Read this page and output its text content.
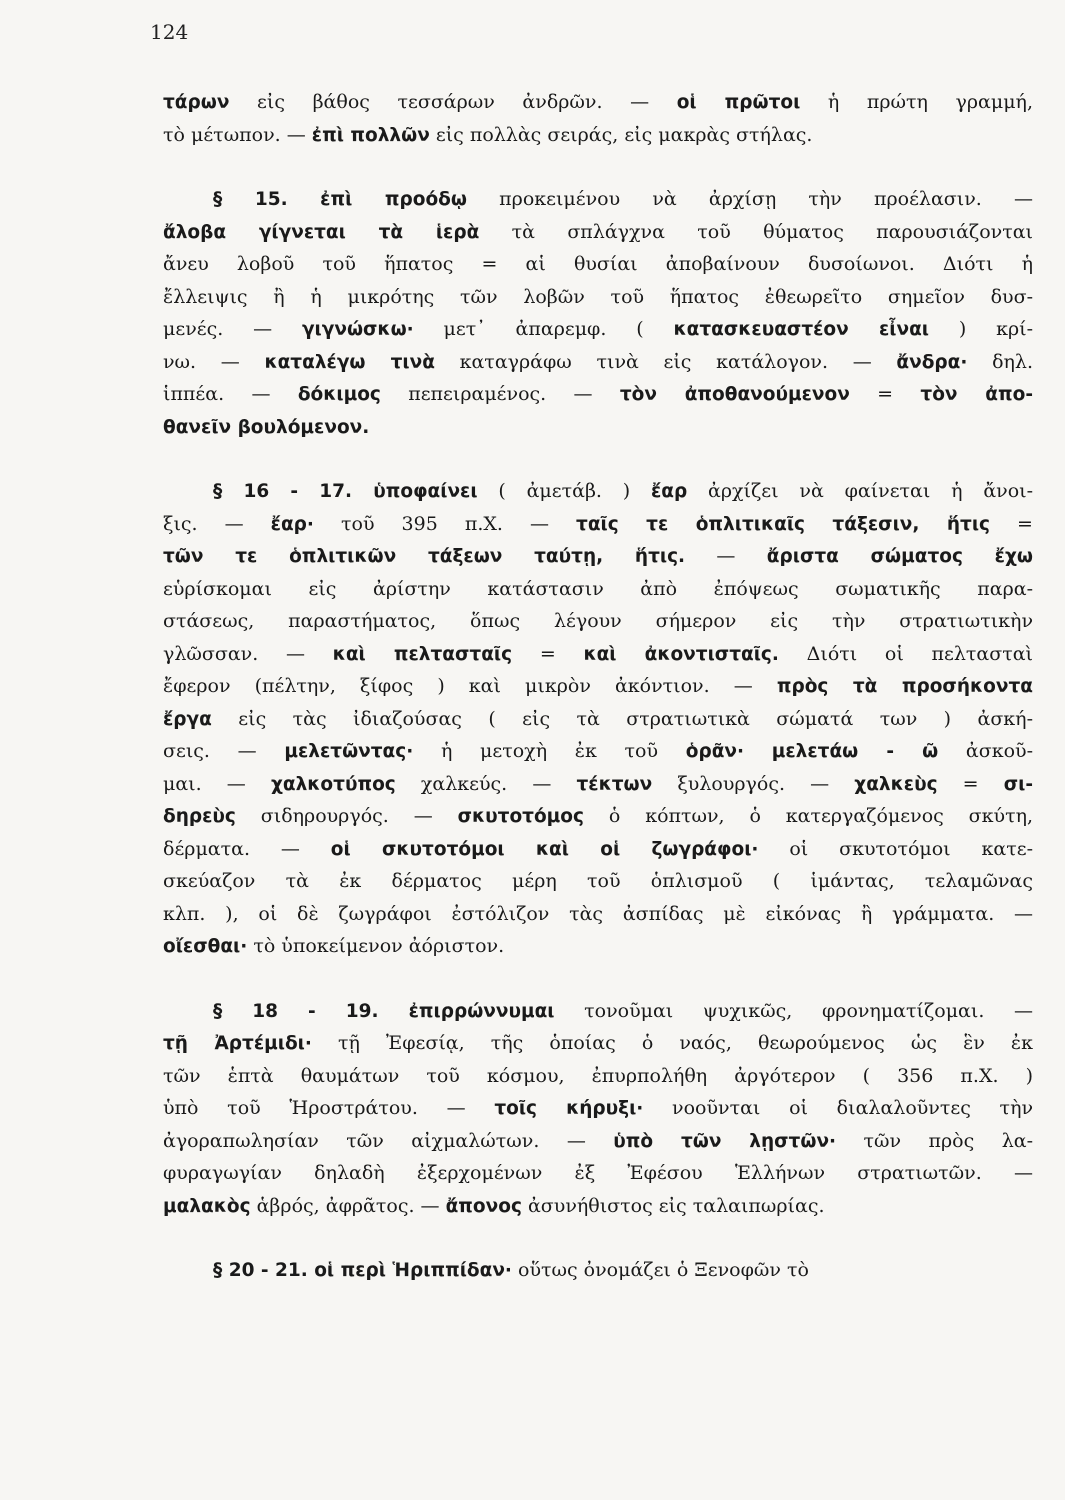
124
τάρων εἰς βάθος τεσσάρων ἀνδρῶν. — οἱ πρῶτοι ἡ πρώτη γραμμή,
τὸ μέτωπον. — ἐπὶ πολλῶν εἰς πολλὰς σειράς, εἰς μακρὰς στήλας.
§ 15. ἐπὶ προόδῳ προκειμένου νὰ ἀρχίσῃ τὴν προέλασιν. —
ἄλοβα γίγνεται τὰ ἱερὰ τὰ σπλάγχνα τοῦ θύματος παρουσιάζονται
ἄνευ λοβοῦ τοῦ ἥπατος = αἱ θυσίαι ἀποβαίνουν δυσοίωνοι. Διότι ἡ
ἔλλειψις ἢ ἡ μικρότης τῶν λοβῶν τοῦ ἥπατος ἐθεωρεῖτο σημεῖον δυσ-
μενές. — γιγνώσκω· μετ᾽ ἀπαρεμφ. ( κατασκευαστέον εἶναι ) κρί-
νω. — καταλέγω τινὰ καταγράφω τινὰ εἰς κατάλογον. — ἄνδρα· δηλ.
ἱππέα. — δόκιμος πεπειραμένος. — τὸν ἀποθανούμενον = τὸν ἀπο-
θανεῖν βουλόμενον.
§ 16 - 17. ὑποφαίνει ( ἀμετάβ. ) ἔαρ ἀρχίζει νὰ φαίνεται ἡ ἄνοι-
ξις. — ἔαρ· τοῦ 395 π.Χ. — ταῖς τε ὁπλιτικαῖς τάξεσιν, ἥτις =
τῶν τε ὁπλιτικῶν τάξεων ταύτῃ, ἥτις. — ἄριστα σώματος ἔχω
εὑρίσκομαι εἰς ἀρίστην κατάστασιν ἀπὸ ἐπόψεως σωματικῆς παρα-
στάσεως, παραστήματος, ὅπως λέγουν σήμερον εἰς τὴν στρατιωτικὴν
γλῶσσαν. — καὶ πελτασταῖς = καὶ ἀκοντισταῖς. Διότι οἱ πελτασταὶ
ἔφερον (πέλτην, ξίφος ) καὶ μικρὸν ἀκόντιον. — πρὸς τὰ προσήκοντα
ἔργα εἰς τὰς ἰδιαζούσας ( εἰς τὰ στρατιωτικὰ σώματά των ) ἀσκή-
σεις. — μελετῶντας· ἡ μετοχὴ ἐκ τοῦ ὁρᾶν· μελετάω - ῶ ἀσκοῦ-
μαι. — χαλκοτύπος χαλκεύς. — τέκτων ξυλουργός. — χαλκεὺς = σι-
δηρεὺς σιδηρουργός. — σκυτοτόμος ὁ κόπτων, ὁ κατεργαζόμενος σκύτη,
δέρματα. — οἱ σκυτοτόμοι καὶ οἱ ζωγράφοι· οἱ σκυτοτόμοι κατε-
σκεύαζον τὰ ἐκ δέρματος μέρη τοῦ ὁπλισμοῦ ( ἱμάντας, τελαμῶνας
κλπ. ), οἱ δὲ ζωγράφοι ἐστόλιζον τὰς ἀσπίδας μὲ εἰκόνας ἢ γράμματα. —
οἴεσθαι· τὸ ὑποκείμενον ἀόριστον.
§ 18 - 19. ἐπιρρώννυμαι τονοῦμαι ψυχικῶς, φρονηματίζομαι. —
τῇ Ἀρτέμιδι· τῇ Ἐφεσίᾳ, τῆς ὁποίας ὁ ναός, θεωρούμενος ὡς ἓν ἐκ
τῶν ἑπτὰ θαυμάτων τοῦ κόσμου, ἐπυρπολήθη ἀργότερον ( 356 π.Χ. )
ὑπὸ τοῦ Ἡροστράτου. — τοῖς κήρυξι· νοοῦνται οἱ διαλαλοῦντες τὴν
ἀγοραπωλησίαν τῶν αἰχμαλώτων. — ὑπὸ τῶν λῃστῶν· τῶν πρὸς λα-
φυραγωγίαν δηλαδὴ ἐξερχομένων ἐξ Ἐφέσου Ἑλλήνων στρατιωτῶν. —
μαλακὸς ἁβρός, ἀφρᾶτος. — ἄπονος ἀσυνήθιστος εἰς ταλαιπωρίας.
§ 20 - 21. οἱ περὶ Ἡριππίδαν· οὕτως ὀνομάζει ὁ Ξενοφῶν τὸ
